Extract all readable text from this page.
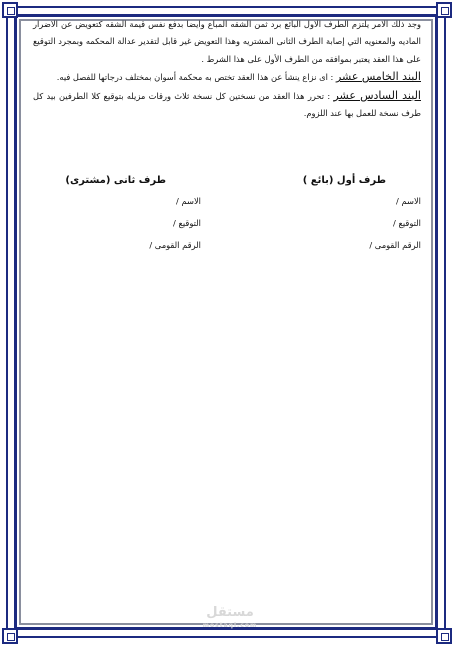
وجد ذلك الامر يلتزم الطرف الاول البائع برد ثمن الشقه المباع وايضا بدفع نفس قيمة الشقه كتعويض عن الاضرار الماديه والمعنويه التي إصابة الطرف الثانى المشتريه وهذا التعويض غير قابل لتقدير عدالة المحكمه وبمجرد التوقيع على هذا العقد يعتبر بموافقه من الطرف الأول على هذا الشرط .

البند الخامس عشر : اى نزاع ينشأ عن هذا العقد تختص به محكمة أسوان بمختلف درجاتها للفصل فيه.

البند السادس عشر : تحرر هذا العقد من نسختين كل نسخة ثلاث ورقات مزيله بتوقيع كلا الطرفين بيد كل طرف نسخة للعمل بها عند اللزوم.

طرف أول (بائع )
الاسم /
التوقيع /
الرقم القومى /
طرف ثانى (مشترى)
الاسم /
التوقيع /
الرقم القومى /
مستقل
mostaql.com
